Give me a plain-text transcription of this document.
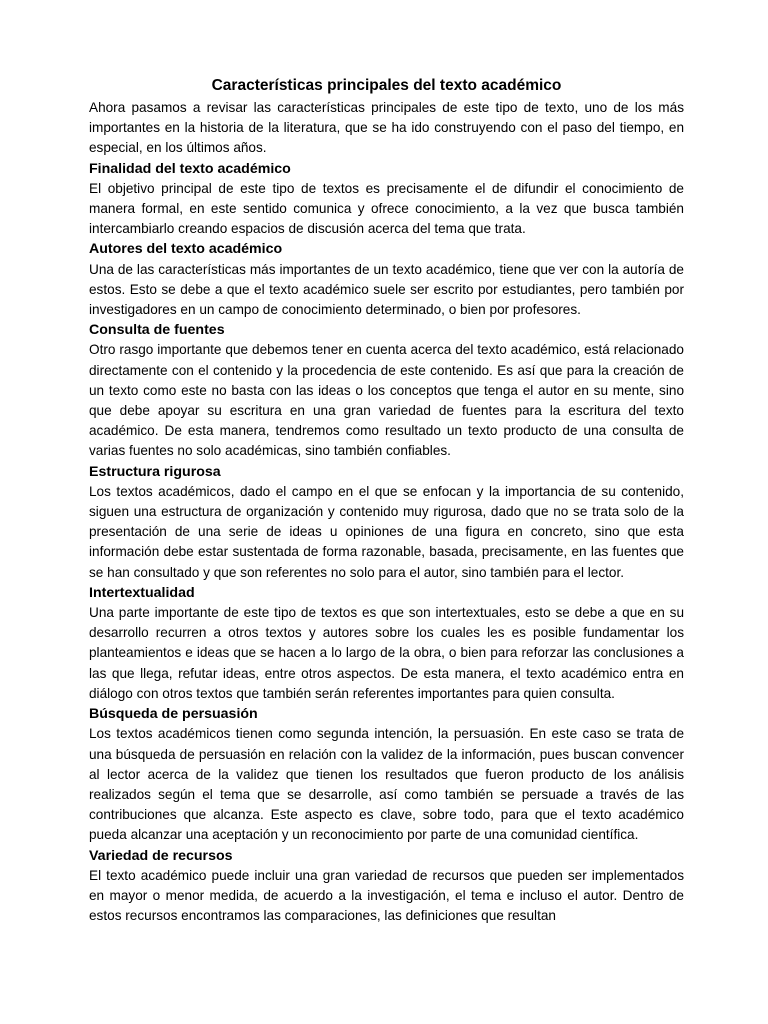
Características principales del texto académico

Ahora pasamos a revisar las características principales de este tipo de texto, uno de los más importantes en la historia de la literatura, que se ha ido construyendo con el paso del tiempo, en especial, en los últimos años.

Finalidad del texto académico

El objetivo principal de este tipo de textos es precisamente el de difundir el conocimiento de manera formal, en este sentido comunica y ofrece conocimiento, a la vez que busca también intercambiarlo creando espacios de discusión acerca del tema que trata.

Autores del texto académico

Una de las características más importantes de un texto académico, tiene que ver con la autoría de estos. Esto se debe a que el texto académico suele ser escrito por estudiantes, pero también por investigadores en un campo de conocimiento determinado, o bien por profesores.

Consulta de fuentes

Otro rasgo importante que debemos tener en cuenta acerca del texto académico, está relacionado directamente con el contenido y la procedencia de este contenido. Es así que para la creación de un texto como este no basta con las ideas o los conceptos que tenga el autor en su mente, sino que debe apoyar su escritura en una gran variedad de fuentes para la escritura del texto académico. De esta manera, tendremos como resultado un texto producto de una consulta de varias fuentes no solo académicas, sino también confiables.

Estructura rigurosa

Los textos académicos, dado el campo en el que se enfocan y la importancia de su contenido, siguen una estructura de organización y contenido muy rigurosa, dado que no se trata solo de la presentación de una serie de ideas u opiniones de una figura en concreto, sino que esta información debe estar sustentada de forma razonable, basada, precisamente, en las fuentes que se han consultado y que son referentes no solo para el autor, sino también para el lector.

Intertextualidad

Una parte importante de este tipo de textos es que son intertextuales, esto se debe a que en su desarrollo recurren a otros textos y autores sobre los cuales les es posible fundamentar los planteamientos e ideas que se hacen a lo largo de la obra, o bien para reforzar las conclusiones a las que llega, refutar ideas, entre otros aspectos. De esta manera, el texto académico entra en diálogo con otros textos que también serán referentes importantes para quien consulta.

Búsqueda de persuasión

Los textos académicos tienen como segunda intención, la persuasión. En este caso se trata de una búsqueda de persuasión en relación con la validez de la información, pues buscan convencer al lector acerca de la validez que tienen los resultados que fueron producto de los análisis realizados según el tema que se desarrolle, así como también se persuade a través de las contribuciones que alcanza. Este aspecto es clave, sobre todo, para que el texto académico pueda alcanzar una aceptación y un reconocimiento por parte de una comunidad científica.

Variedad de recursos

El texto académico puede incluir una gran variedad de recursos que pueden ser implementados en mayor o menor medida, de acuerdo a la investigación, el tema e incluso el autor. Dentro de estos recursos encontramos las comparaciones, las definiciones que resultan
